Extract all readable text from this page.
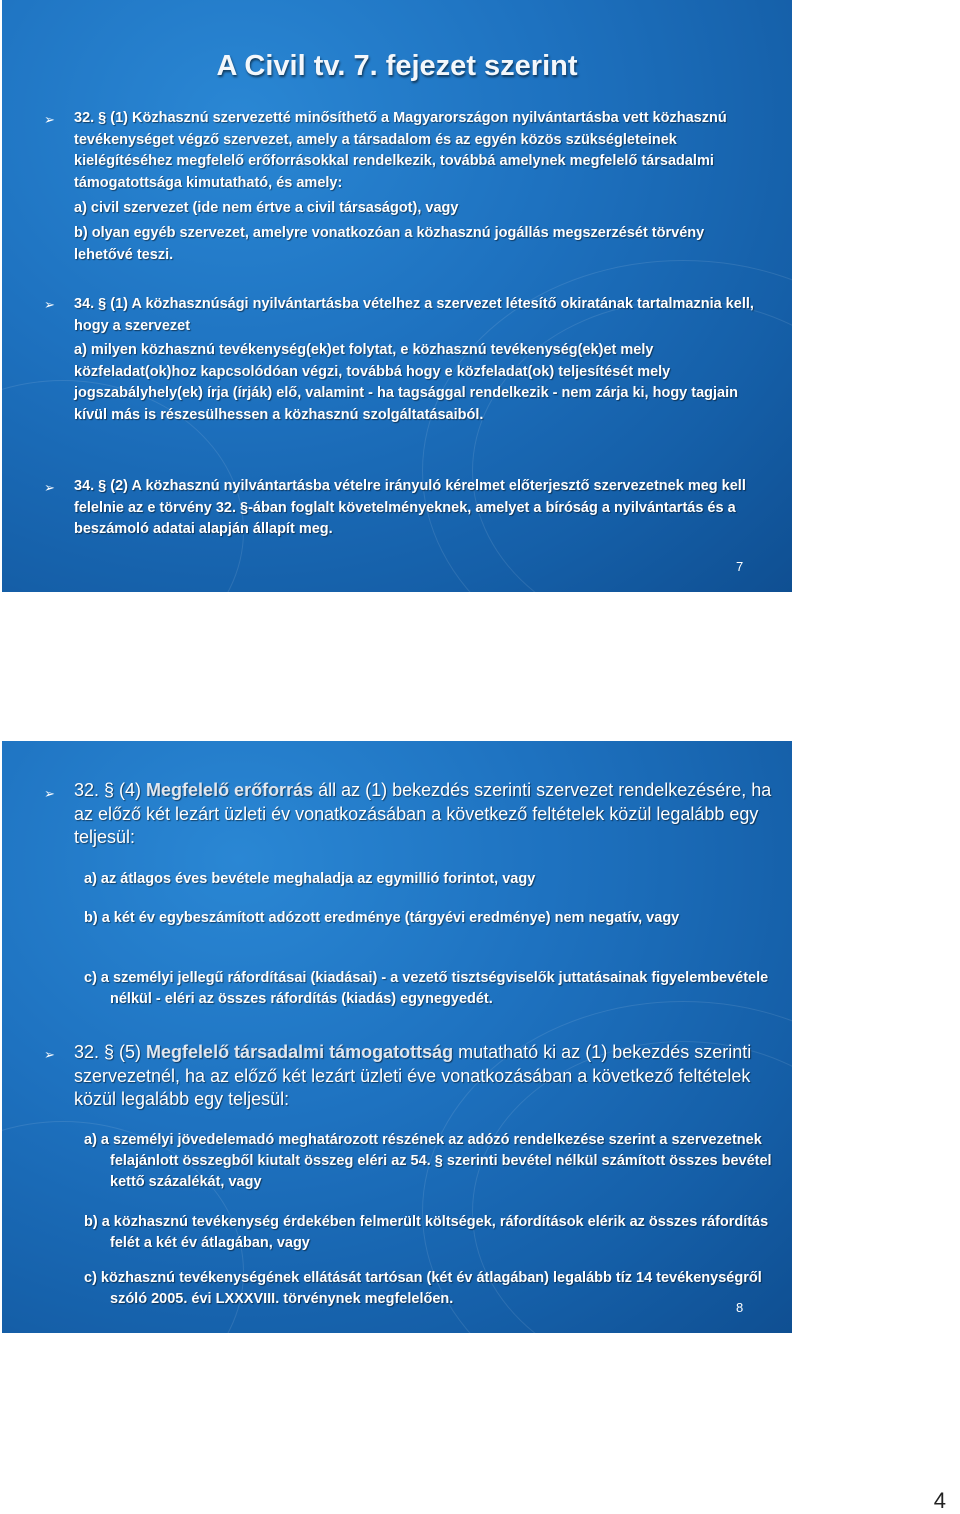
A Civil tv. 7. fejezet szerint
➢ 32. § (1) Közhasznú szervezetté minősíthető a Magyarországon nyilvántartásba vett közhasznú tevékenységet végző szervezet, amely a társadalom és az egyén közös szükségleteinek kielégítéséhez megfelelő erőforrásokkal rendelkezik, továbbá amelynek megfelelő társadalmi támogatottsága kimutatható, és amely:

a) civil szervezet (ide nem értve a civil társaságot), vagy

b) olyan egyéb szervezet, amelyre vonatkozóan a közhasznú jogállás megszerzését törvény lehetővé teszi.

➢ 34. § (1) A közhasznúsági nyilvántartásba vételhez a szervezet létesítő okiratának tartalmaznia kell, hogy a szervezet

a) milyen közhasznú tevékenység(ek)et folytat, e közhasznú tevékenység(ek)et mely közfeladat(ok)hoz kapcsolódóan végzi, továbbá hogy e közfeladat(ok) teljesítését mely jogszabályhely(ek) írja (írják) elő, valamint - ha tagsággal rendelkezik - nem zárja ki, hogy tagjain kívül más is részesülhessen a közhasznú szolgáltatásaiból.

➢ 34. § (2) A közhasznú nyilvántartásba vételre irányuló kérelmet előterjesztő szervezetnek meg kell felelnie az e törvény 32. §-ában foglalt követelményeknek, amelyet a bíróság a nyilvántartás és a beszámoló adatai alapján állapít meg.

7
➢ 32. § (4) Megfelelő erőforrás áll az (1) bekezdés szerinti szervezet rendelkezésére, ha az előző két lezárt üzleti év vonatkozásában a következő feltételek közül legalább egy teljesül:

a) az átlagos éves bevétele meghaladja az egymillió forintot, vagy

b) a két év egybeszámított adózott eredménye (tárgyévi eredménye) nem negatív, vagy

c) a személyi jellegű ráfordításai (kiadásai) - a vezető tisztségviselők juttatásainak figyelembevétele nélkül - eléri az összes ráfordítás (kiadás) egynegyedét.

➢ 32. § (5) Megfelelő társadalmi támogatottság mutatható ki az (1) bekezdés szerinti szervezetnél, ha az előző két lezárt üzleti éve vonatkozásában a következő feltételek közül legalább egy teljesül:

a) a személyi jövedelemadó meghatározott részének az adózó rendelkezése szerint a szervezetnek felajánlott összegből kiutalt összeg eléri az 54. § szerinti bevétel nélkül számított összes bevétel kettő százalékát, vagy

b) a közhasznú tevékenység érdekében felmerült költségek, ráfordítások elérik az összes ráfordítás felét a két év átlagában, vagy

c) közhasznú tevékenységének ellátását tartósan (két év átlagában) legalább tíz 14 tevékenységről szóló 2005. évi LXXXVIII. törvénynek megfelelően.

8
4
